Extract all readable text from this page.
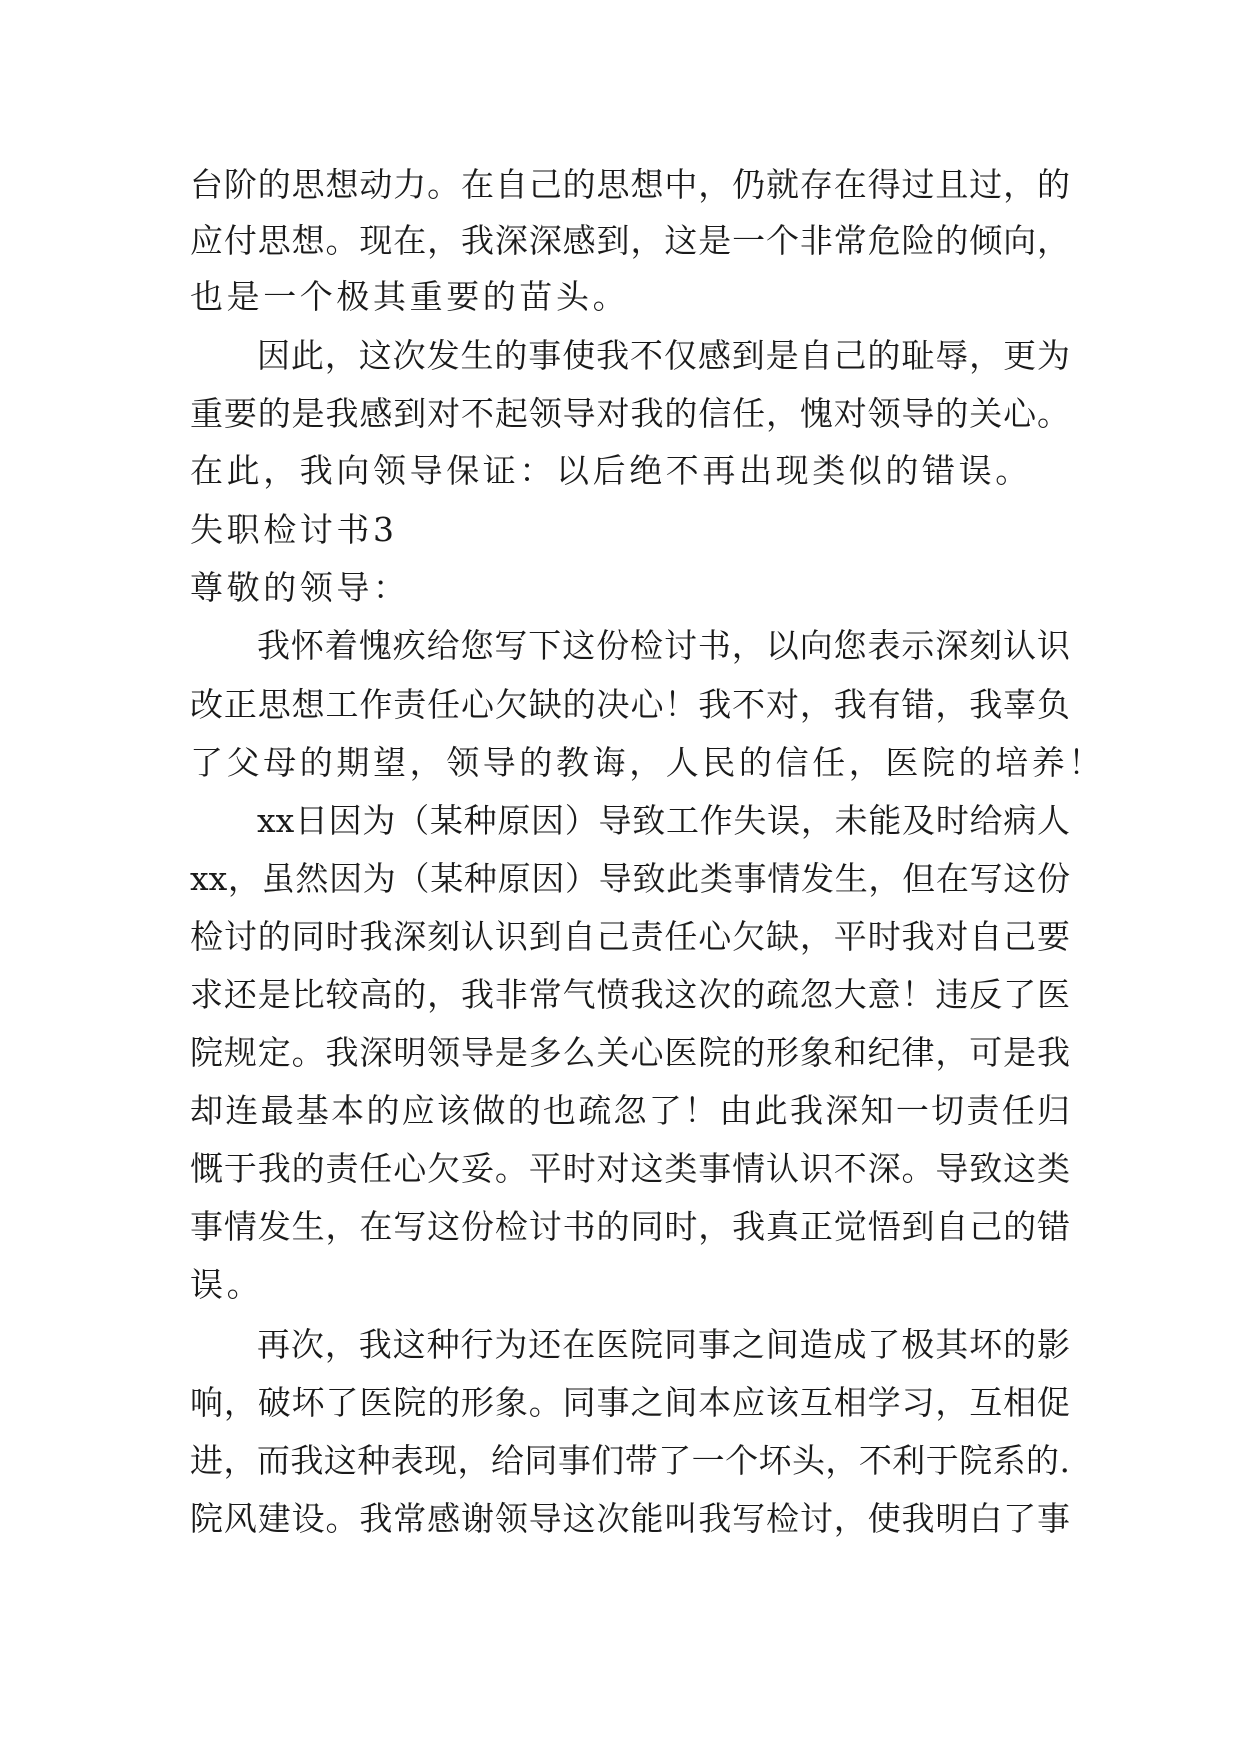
台阶的思想动力。在自己的思想中，仍就存在得过且过，的
应付思想。现在，我深深感到，这是一个非常危险的倾向，
也是一个极其重要的苗头。
因此，这次发生的事使我不仅感到是自己的耻辱，更为
重要的是我感到对不起领导对我的信任，愧对领导的关心。
在此，我向领导保证：以后绝不再出现类似的错误。
失职检讨书3
尊敬的领导：
我怀着愧疚给您写下这份检讨书，以向您表示深刻认识
改正思想工作责任心欠缺的决心！我不对，我有错，我辜负
了父母的期望，领导的教诲，人民的信任，医院的培养！
xx日因为（某种原因）导致工作失误，未能及时给病人
xx，虽然因为（某种原因）导致此类事情发生，但在写这份
检讨的同时我深刻认识到自己责任心欠缺，平时我对自己要
求还是比较高的，我非常气愤我这次的疏忽大意！违反了医
院规定。我深明领导是多么关心医院的形象和纪律，可是我
却连最基本的应该做的也疏忽了！由此我深知一切责任归
慨于我的责任心欠妥。平时对这类事情认识不深。导致这类
事情发生，在写这份检讨书的同时，我真正觉悟到自己的错
误。
再次，我这种行为还在医院同事之间造成了极其坏的影
响，破坏了医院的形象。同事之间本应该互相学习，互相促
进，而我这种表现，给同事们带了一个坏头，不利于院系的.
院风建设。我常感谢领导这次能叫我写检讨，使我明白了事
